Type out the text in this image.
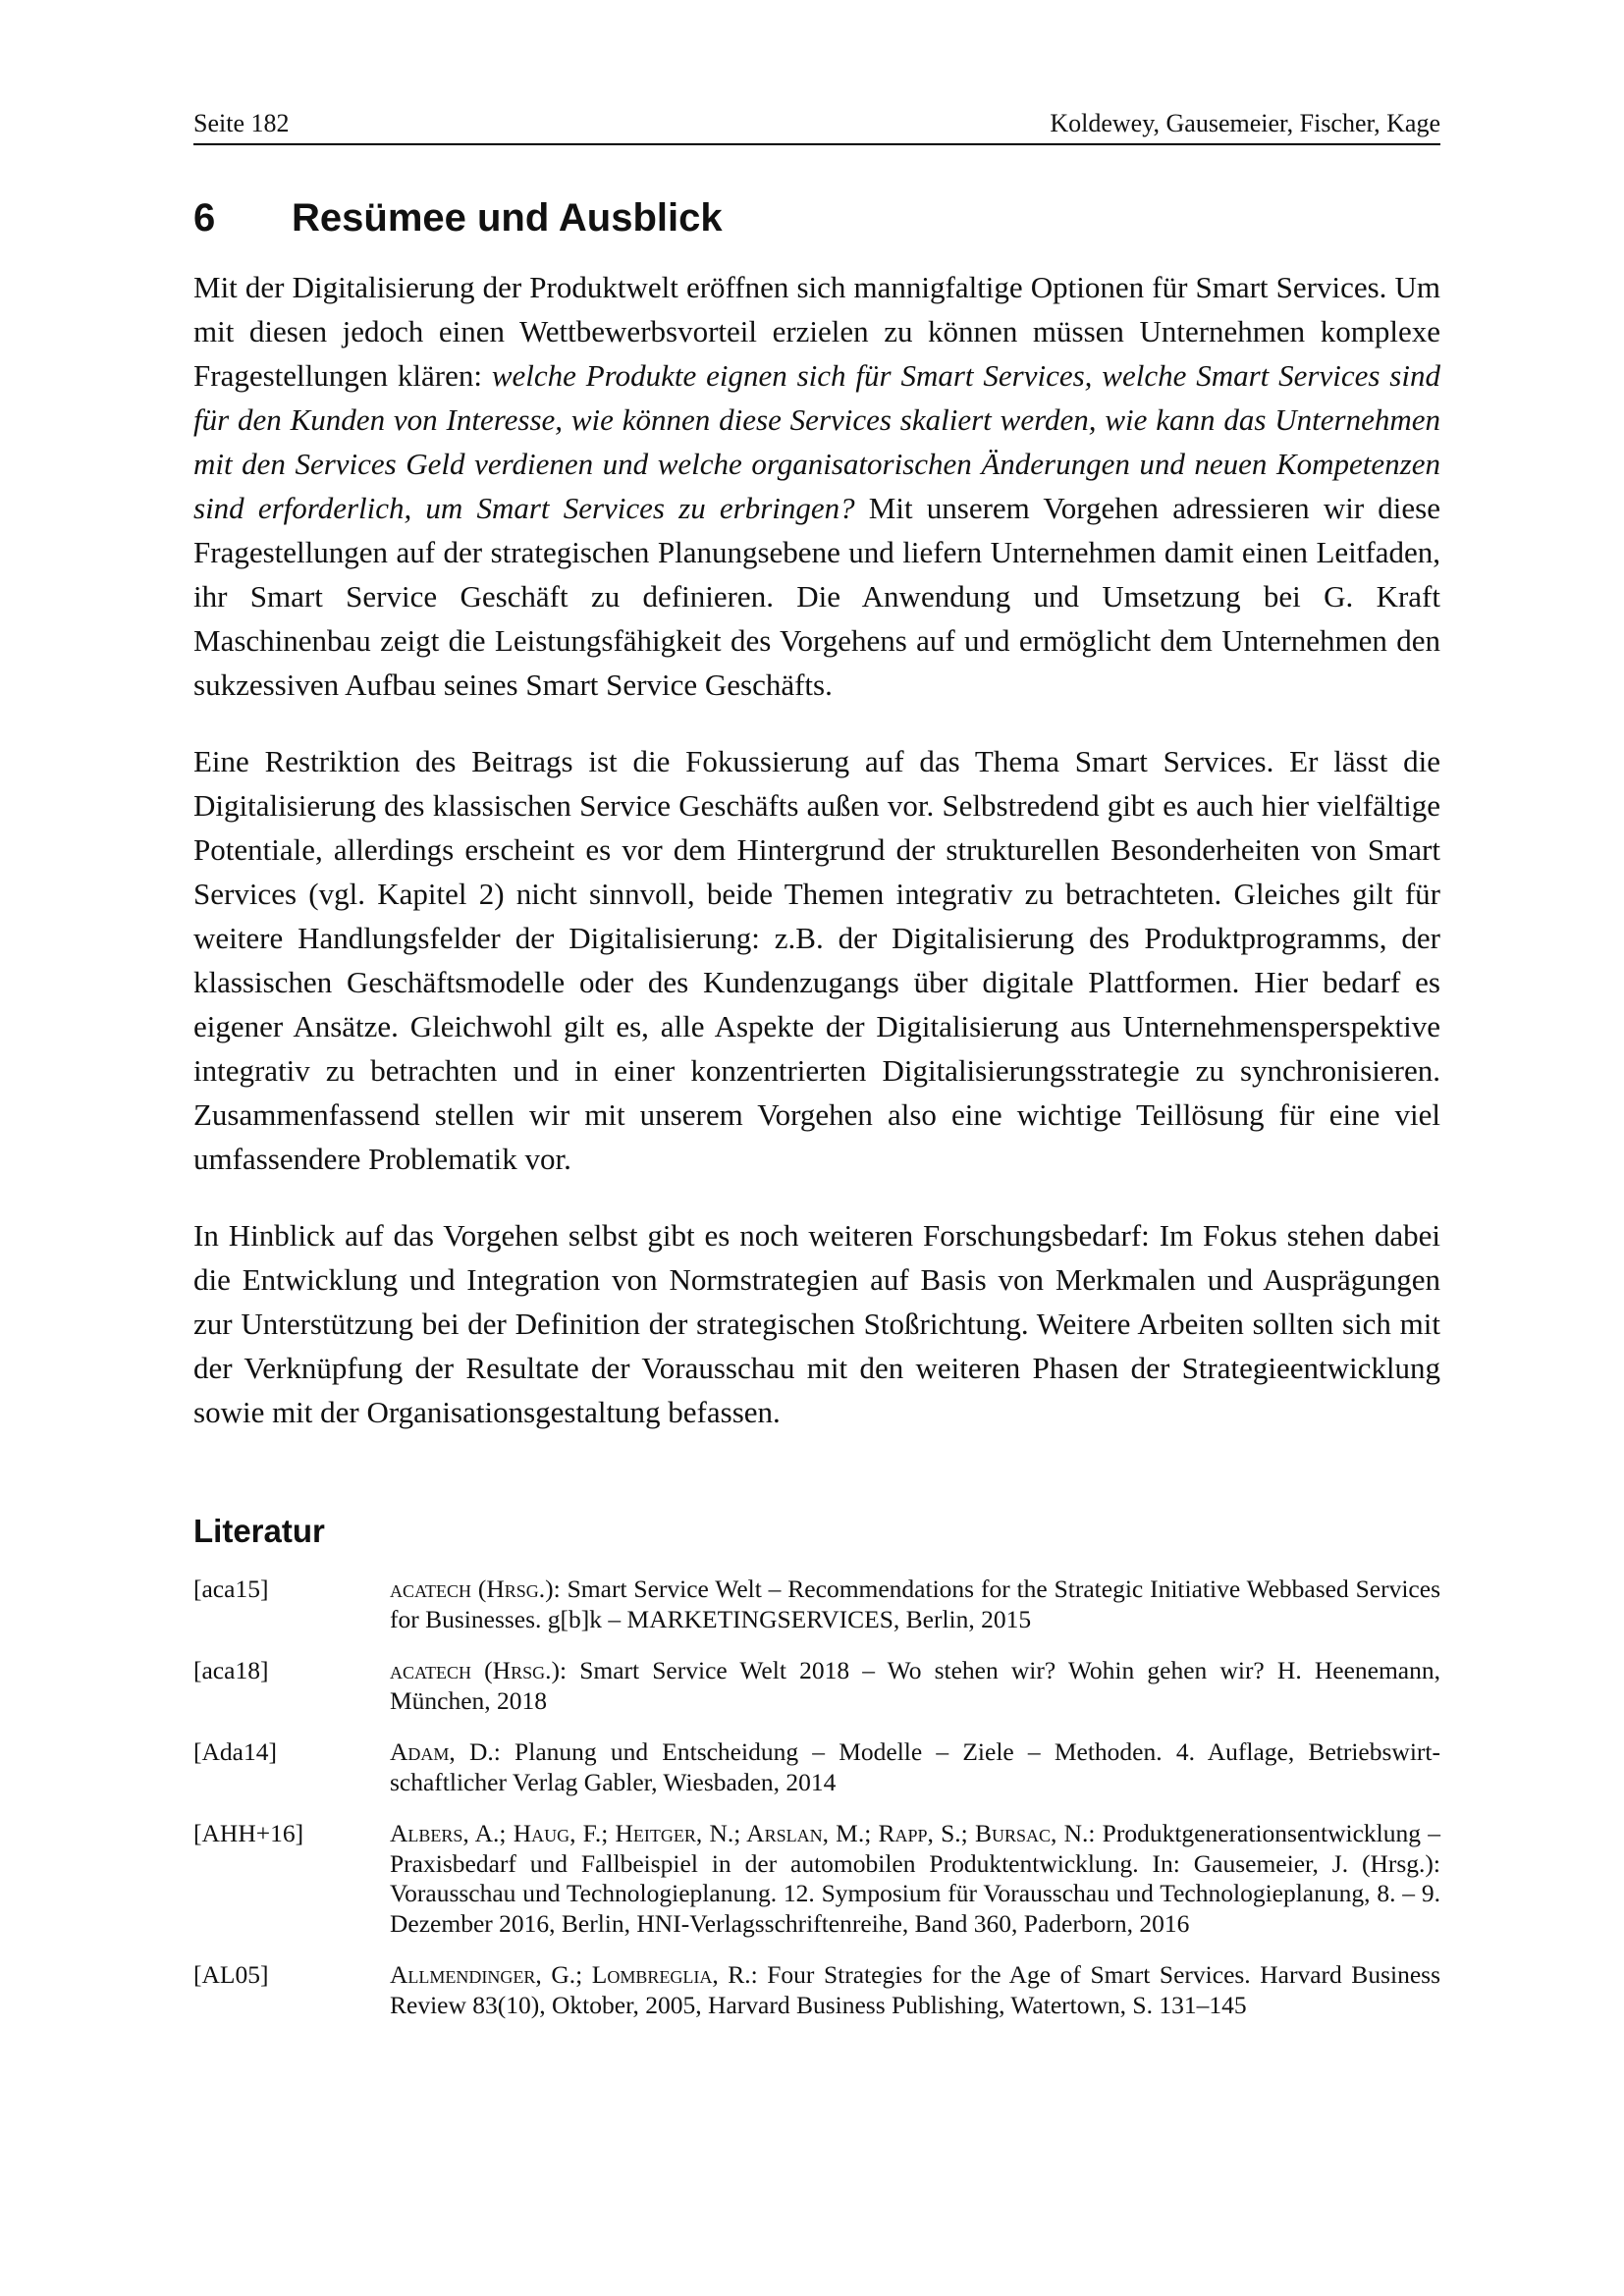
Seite 182	Koldewey, Gausemeier, Fischer, Kage
6	Resümee und Ausblick

Mit der Digitalisierung der Produktwelt eröffnen sich mannigfaltige Optionen für Smart Services. Um mit diesen jedoch einen Wettbewerbsvorteil erzielen zu können müssen Unternehmen komplexe Fragestellungen klären: welche Produkte eignen sich für Smart Services, welche Smart Services sind für den Kunden von Interesse, wie können diese Services skaliert werden, wie kann das Unternehmen mit den Services Geld verdienen und welche organisatorischen Änderungen und neuen Kompetenzen sind erforderlich, um Smart Services zu erbringen? Mit unserem Vorgehen adressieren wir diese Fragestellungen auf der strategischen Planungsebene und liefern Unternehmen damit einen Leitfaden, ihr Smart Service Geschäft zu definieren. Die Anwendung und Umsetzung bei G. Kraft Maschinenbau zeigt die Leistungsfähigkeit des Vorgehens auf und ermöglicht dem Unternehmen den sukzessiven Aufbau seines Smart Service Geschäfts.

Eine Restriktion des Beitrags ist die Fokussierung auf das Thema Smart Services. Er lässt die Digitalisierung des klassischen Service Geschäfts außen vor. Selbstredend gibt es auch hier vielfältige Potentiale, allerdings erscheint es vor dem Hintergrund der strukturellen Besonderheiten von Smart Services (vgl. Kapitel 2) nicht sinnvoll, beide Themen integrativ zu betrachteten. Gleiches gilt für weitere Handlungsfelder der Digitalisierung: z.B. der Digitalisierung des Produktprogramms, der klassischen Geschäftsmodelle oder des Kundenzugangs über digitale Plattformen. Hier bedarf es eigener Ansätze. Gleichwohl gilt es, alle Aspekte der Digitalisierung aus Unternehmensperspektive integrativ zu betrachten und in einer konzentrierten Digitalisierungsstrategie zu synchronisieren. Zusammenfassend stellen wir mit unserem Vorgehen also eine wichtige Teillösung für eine viel umfassendere Problematik vor.

In Hinblick auf das Vorgehen selbst gibt es noch weiteren Forschungsbedarf: Im Fokus stehen dabei die Entwicklung und Integration von Normstrategien auf Basis von Merkmalen und Ausprägungen zur Unterstützung bei der Definition der strategischen Stoßrichtung. Weitere Arbeiten sollten sich mit der Verknüpfung der Resultate der Vorausschau mit den weiteren Phasen der Strategieentwicklung sowie mit der Organisationsgestaltung befassen.

Literatur
[aca15]	acatech (Hrsg.): Smart Service Welt – Recommendations for the Strategic Initiative Webbased Services for Businesses. g[b]k – MARKETINGSERVICES, Berlin, 2015
[aca18]	acatech (Hrsg.): Smart Service Welt 2018 – Wo stehen wir? Wohin gehen wir? H. Heenemann, München, 2018
[Ada14]	Adam, D.: Planung und Entscheidung – Modelle – Ziele – Methoden. 4. Auflage, Betriebswirtschaftlicher Verlag Gabler, Wiesbaden, 2014
[AHH+16]	Albers, A.; Haug, F.; Heitger, N.; Arslan, M.; Rapp, S.; Bursac, N.: Produktgenerationsentwicklung – Praxisbedarf und Fallbeispiel in der automobilen Produktentwicklung. In: Gausemeier, J. (Hrsg.): Vorausschau und Technologieplanung. 12. Symposium für Vorausschau und Technologieplanung, 8. – 9. Dezember 2016, Berlin, HNI-Verlagsschriftenreihe, Band 360, Paderborn, 2016
[AL05]	Allmendinger, G.; Lombreglia, R.: Four Strategies for the Age of Smart Services. Harvard Business Review 83(10), Oktober, 2005, Harvard Business Publishing, Watertown, S. 131–145
